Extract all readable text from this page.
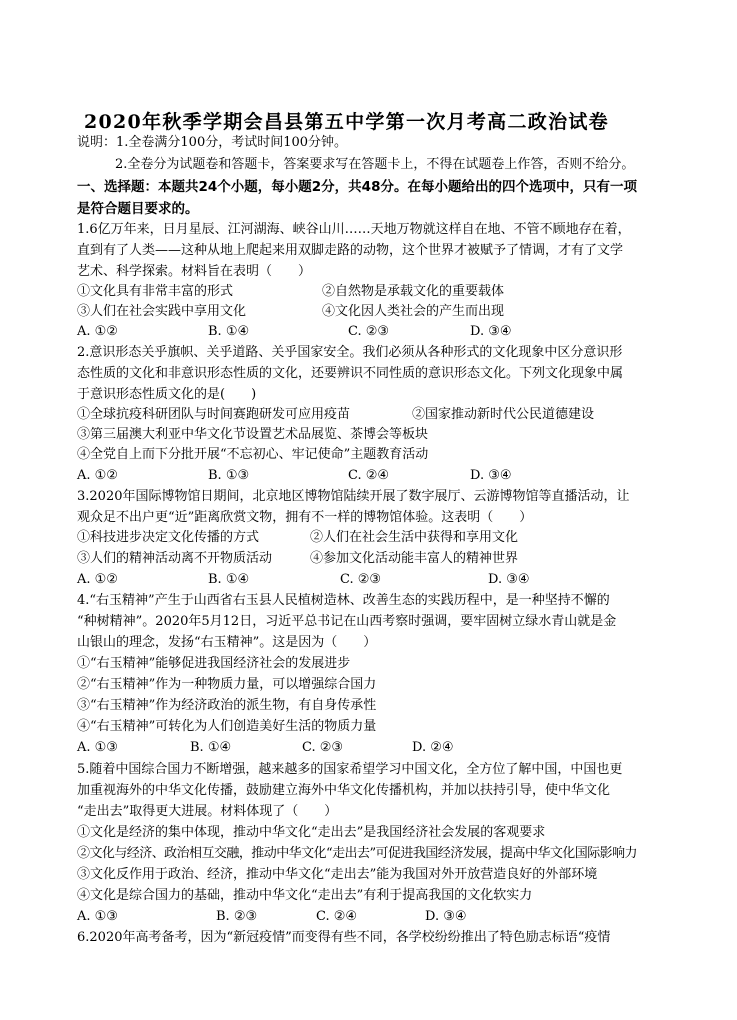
2020年秋季学期会昌县第五中学第一次月考高二政治试卷
说明：1.全卷满分100分，考试时间100分钟。
2.全卷分为试题卷和答题卡，答案要求写在答题卡上，不得在试题卷上作答，否则不给分。
一、选择题：本题共24个小题，每小题2分，共48分。在每小题给出的四个选项中，只有一项
是符合题目要求的。
1.6亿万年来，日月星辰、江河湖海、峡谷山川……天地万物就这样自在地、不管不顾地存在着，
直到有了人类——这种从地上爬起来用双脚走路的动物，这个世界才被赋予了情调，才有了文学
艺术、科学探索。材料旨在表明（　　）
①文化具有非常丰富的形式	②自然物是承载文化的重要载体
③人们在社会实践中享用文化	④文化因人类社会的产生而出现
A. ①②	B. ①④	C. ②③	D. ③④
2.意识形态关乎旗帜、关乎道路、关乎国家安全。我们必须从各种形式的文化现象中区分意识形
态性质的文化和非意识形态性质的文化，还要辨识不同性质的意识形态文化。下列文化现象中属
于意识形态性质文化的是(　　)
①全球抗疫科研团队与时间赛跑研发可应用疫苗	②国家推动新时代公民道德建设
③第三届澳大利亚中华文化节设置艺术品展览、茶博会等板块
④全党自上而下分批开展“不忘初心、牢记使命”主题教育活动
A. ①②	B. ①③	C. ②④	D. ③④
3.2020年国际博物馆日期间，北京地区博物馆陆续开展了数字展厅、云游博物馆等直播活动，让
观众足不出户更“近”距离欣赏文物，拥有不一样的博物馆体验。这表明（　　）
①科技进步决定文化传播的方式	②人们在社会生活中获得和享用文化
③人们的精神活动离不开物质活动	④参加文化活动能丰富人的精神世界
A. ①②	B. ①④	C. ②③	D. ③④
4.“右玉精神”产生于山西省右玉县人民植树造林、改善生态的实践历程中，是一种坚持不懈的
“种树精神”。2020年5月12日，习近平总书记在山西考察时强调，要牢固树立绿水青山就是金
山银山的理念，发扬“右玉精神”。这是因为（　　）
①“右玉精神”能够促进我国经济社会的发展进步
②“右玉精神”作为一种物质力量，可以增强综合国力
③“右玉精神”作为经济政治的派生物，有自身传承性
④“右玉精神”可转化为人们创造美好生活的物质力量
A. ①③	B. ①④	C. ②③	D. ②④
5.随着中国综合国力不断增强，越来越多的国家希望学习中国文化，全方位了解中国，中国也更
加重视海外的中华文化传播，鼓励建立海外中华文化传播机构，并加以扶持引导，使中华文化
“走出去”取得更大进展。材料体现了（　　）
①文化是经济的集中体现，推动中华文化“走出去”是我国经济社会发展的客观要求
②文化与经济、政治相互交融，推动中华文化“走出去”可促进我国经济发展，提高中华文化国际影响力
③文化反作用于政治、经济，推动中华文化“走出去”能为我国对外开放营造良好的外部环境
④文化是综合国力的基础，推动中华文化“走出去”有利于提高我国的文化软实力
A. ①③	B. ②③	C. ②④	D. ③④
6.2020年高考备考，因为“新冠疫情”而变得有些不同，各学校纷纷推出了特色励志标语“疫情
